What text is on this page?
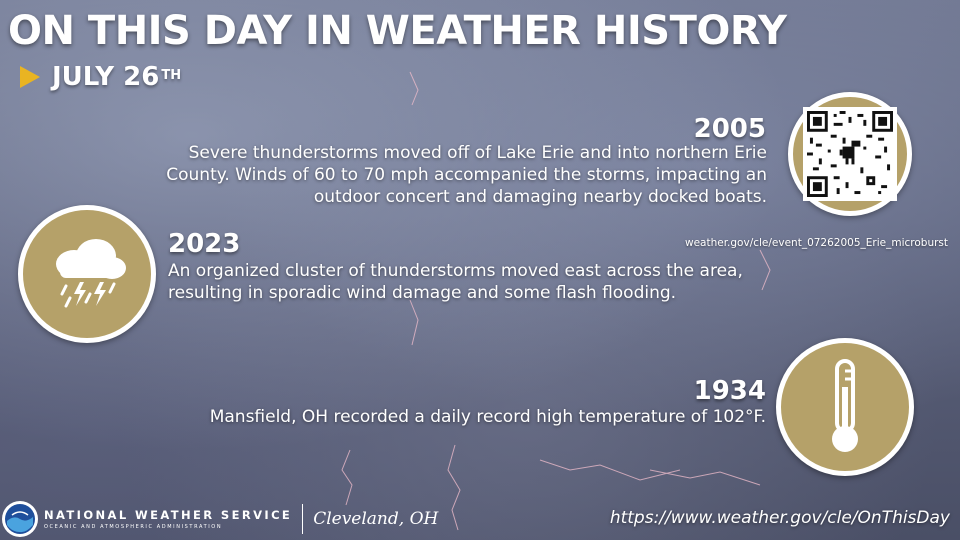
ON THIS DAY IN WEATHER HISTORY
JULY 26TH
2005
Severe thunderstorms moved off of Lake Erie and into northern Erie County. Winds of 60 to 70 mph accompanied the storms, impacting an outdoor concert and damaging nearby docked boats.
weather.gov/cle/event_07262005_Erie_microburst
2023
An organized cluster of thunderstorms moved east across the area, resulting in sporadic wind damage and some flash flooding.
1934
Mansfield, OH recorded a daily record high temperature of 102°F.
NATIONAL WEATHER SERVICE
OCEANIC AND ATMOSPHERIC ADMINISTRATION	Cleveland, OH	https://www.weather.gov/cle/OnThisDay
